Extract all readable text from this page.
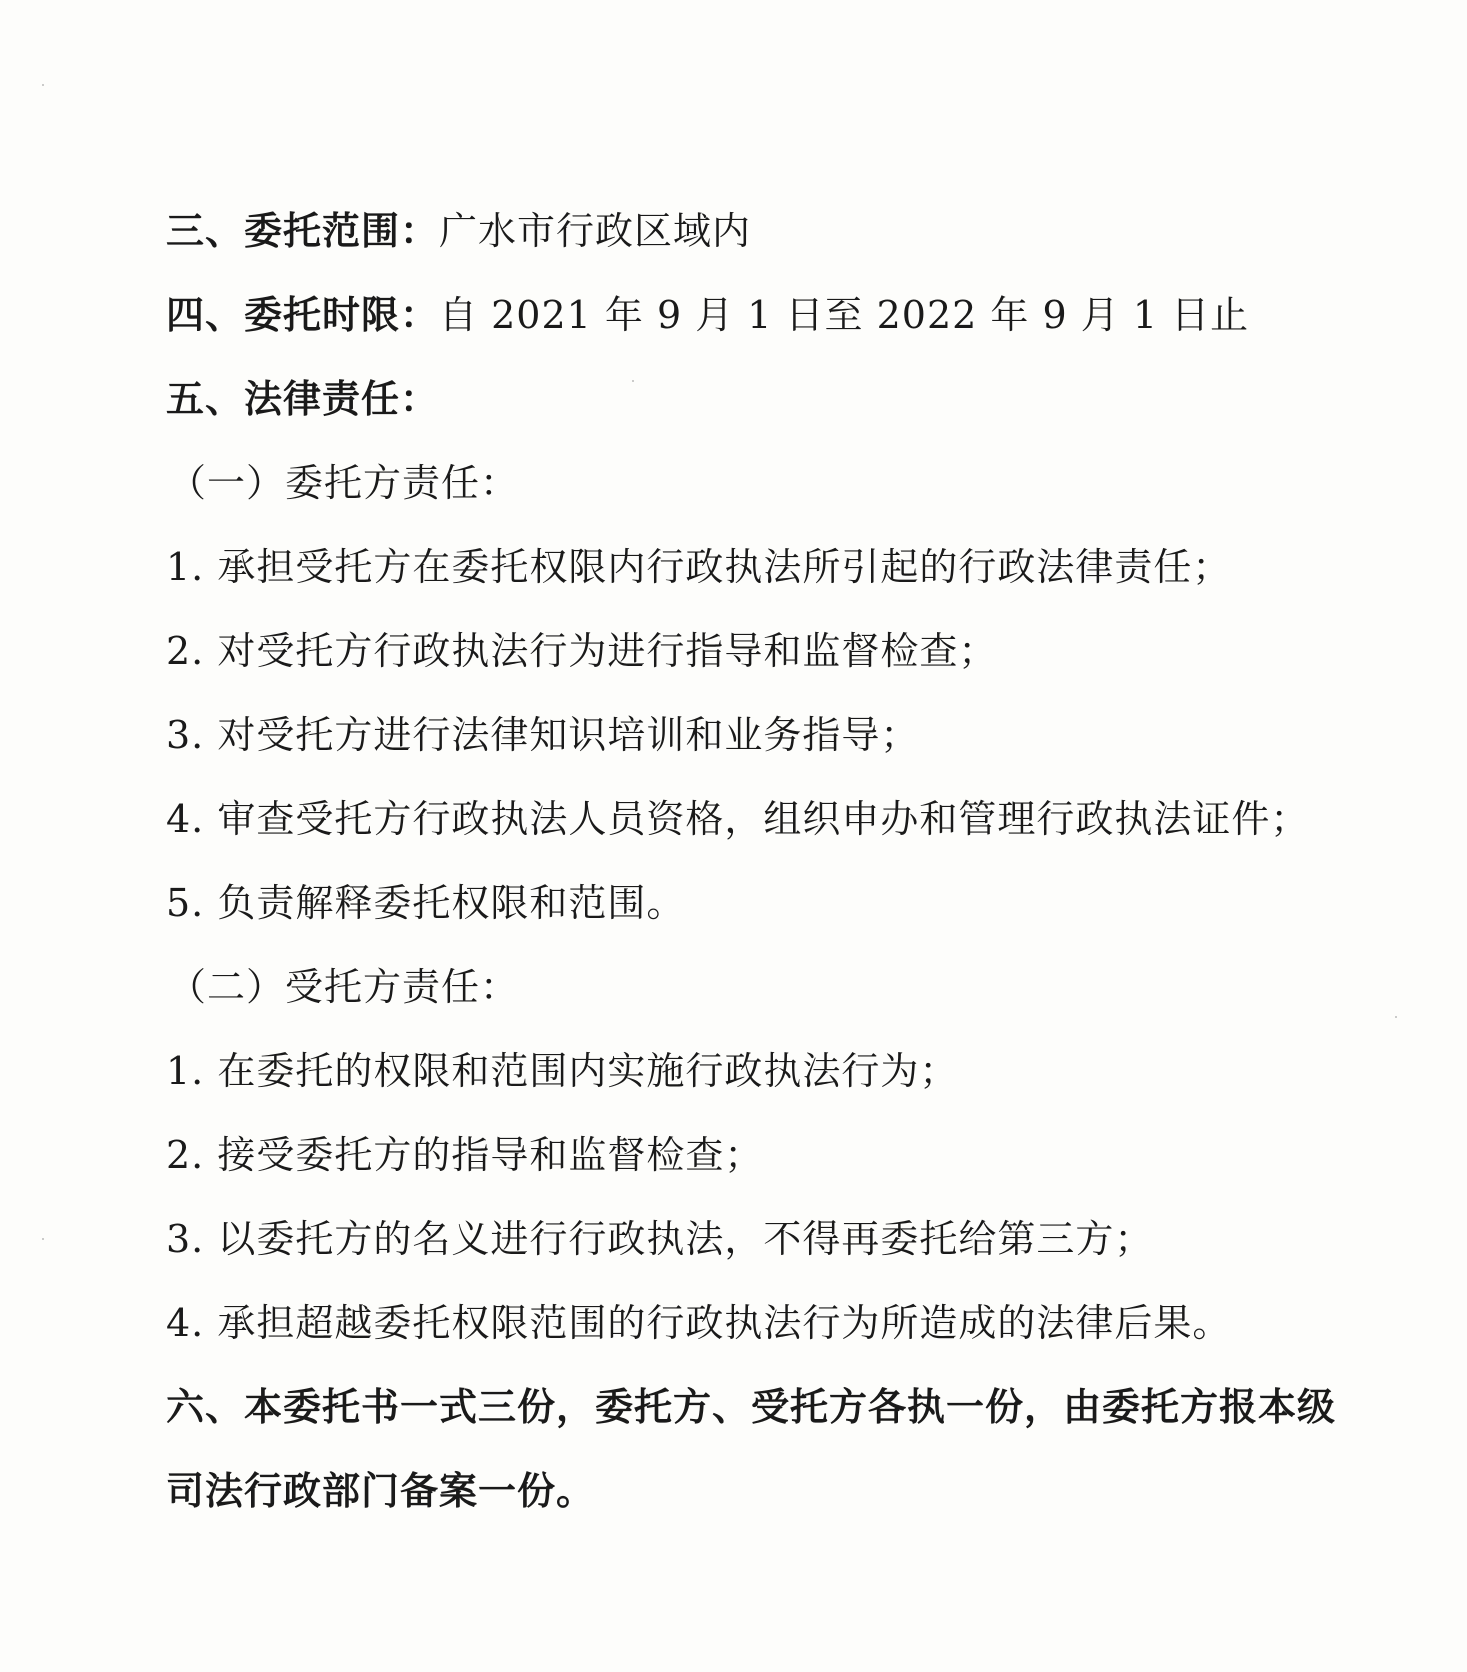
三、委托范围：广水市行政区域内
四、委托时限：自 2021 年 9 月 1 日至 2022 年 9 月 1 日止
五、法律责任：
（一）委托方责任：
1. 承担受托方在委托权限内行政执法所引起的行政法律责任；
2. 对受托方行政执法行为进行指导和监督检查；
3. 对受托方进行法律知识培训和业务指导；
4. 审查受托方行政执法人员资格，组织申办和管理行政执法证件；
5. 负责解释委托权限和范围。
（二）受托方责任：
1. 在委托的权限和范围内实施行政执法行为；
2. 接受委托方的指导和监督检查；
3. 以委托方的名义进行行政执法，不得再委托给第三方；
4. 承担超越委托权限范围的行政执法行为所造成的法律后果。
六、本委托书一式三份，委托方、受托方各执一份，由委托方报本级
司法行政部门备案一份。
